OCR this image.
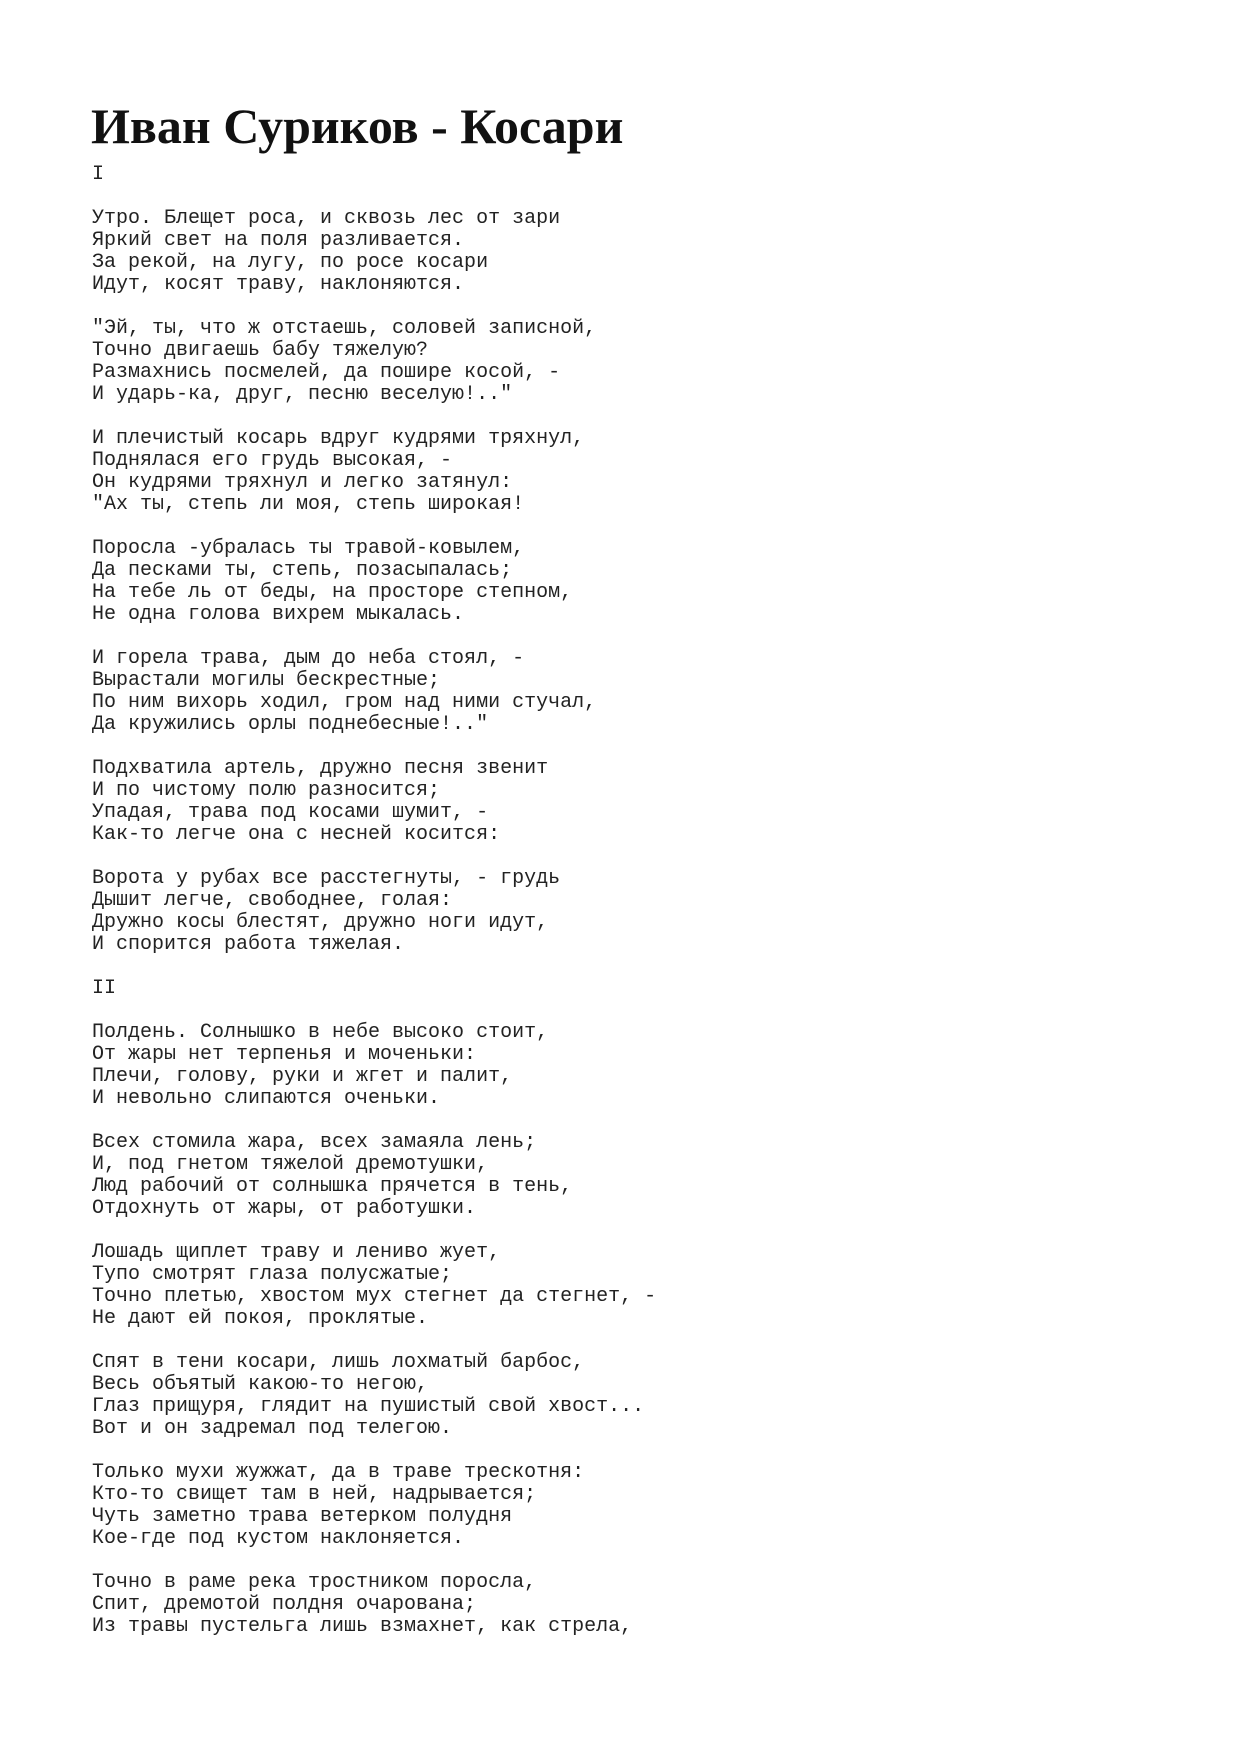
Иван Суриков - Косари
I
Утро. Блещет роса, и сквозь лес от зари
Яркий свет на поля разливается.
За рекой, на лугу, по росе косари
Идут, косят траву, наклоняются.
"Эй, ты, что ж отстаешь, соловей записной,
Точно двигаешь бабу тяжелую?
Размахнись посмелей, да пошире косой, -
И ударь-ка, друг, песню веселую!.."
И плечистый косарь вдруг кудрями тряхнул,
Поднялася его грудь высокая, -
Он кудрями тряхнул и легко затянул:
"Ах ты, степь ли моя, степь широкая!
Поросла -убралась ты травой-ковылем,
Да песками ты, степь, позасыпалась;
На тебе ль от беды, на просторе степном,
Не одна голова вихрем мыкалась.
И горела трава, дым до неба стоял, -
Вырастали могилы бескрестные;
По ним вихорь ходил, гром над ними стучал,
Да кружились орлы поднебесные!.."
Подхватила артель, дружно песня звенит
И по чистому полю разносится;
Упадая, трава под косами шумит, -
Как-то легче она с несней косится:
Ворота у рубах все расстегнуты, - грудь
Дышит легче, свободнее, голая:
Дружно косы блестят, дружно ноги идут,
И спорится работа тяжелая.
II
Полдень. Солнышко в небе высоко стоит,
От жары нет терпенья и моченьки:
Плечи, голову, руки и жгет и палит,
И невольно слипаются оченьки.
Всех стомила жара, всех замаяла лень;
И, под гнетом тяжелой дремотушки,
Люд рабочий от солнышка прячется в тень,
Отдохнуть от жары, от работушки.
Лошадь щиплет траву и лениво жует,
Тупо смотрят глаза полусжатые;
Точно плетью, хвостом мух стегнет да стегнет, -
Не дают ей покоя, проклятые.
Спят в тени косари, лишь лохматый барбос,
Весь объятый какою-то негою,
Глаз прищуря, глядит на пушистый свой хвост...
Вот и он задремал под телегою.
Только мухи жужжат, да в траве трескотня:
Кто-то свищет там в ней, надрывается;
Чуть заметно трава ветерком полудня
Кое-где под кустом наклоняется.
Точно в раме река тростником поросла,
Спит, дремотой полдня очарована;
Из травы пустельга лишь взмахнет, как стрела,
